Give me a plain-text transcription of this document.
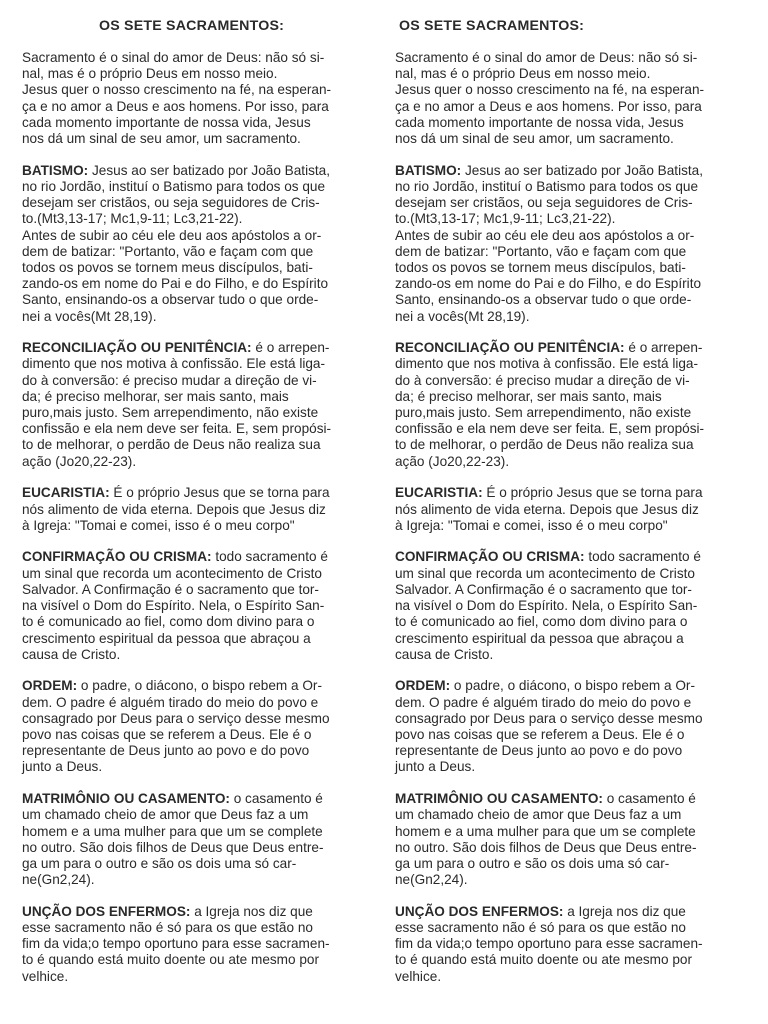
OS SETE SACRAMENTOS:
Sacramento é o sinal do amor de Deus: não só si-
nal, mas é o próprio Deus em nosso meio.
Jesus quer o nosso crescimento na fé, na esperan-
ça e no amor a Deus e aos homens. Por isso, para
cada momento importante de nossa vida, Jesus
nos dá um sinal de seu amor, um sacramento.
BATISMO: Jesus ao ser batizado por João Batista,
no rio Jordão, instituí o Batismo para todos os que
desejam ser cristãos, ou seja seguidores de Cris-
to.(Mt3,13-17; Mc1,9-11; Lc3,21-22).
Antes de subir ao céu ele deu aos apóstolos a or-
dem de batizar: "Portanto, vão e façam com que
todos os povos se tornem meus discípulos, bati-
zando-os em nome do Pai e do Filho, e do Espírito
Santo, ensinando-os a observar tudo o que orde-
nei a vocês(Mt 28,19).
RECONCILIAÇÃO OU PENITÊNCIA: é o arrepen-
dimento que nos motiva à confissão. Ele está liga-
do à conversão: é preciso mudar a direção de vi-
da; é preciso melhorar, ser mais santo, mais
puro,mais justo. Sem arrependimento, não existe
confissão e ela nem deve ser feita. E, sem propósi-
to de melhorar, o perdão de Deus não realiza sua
ação (Jo20,22-23).
EUCARISTIA: É o próprio Jesus que se torna para
nós alimento de vida eterna. Depois que Jesus diz
à Igreja: "Tomai e comei, isso é o meu corpo"
CONFIRMAÇÃO OU CRISMA: todo sacramento é
um sinal que recorda um acontecimento de Cristo
Salvador. A Confirmação é o sacramento que tor-
na visível o Dom do Espírito. Nela, o Espírito San-
to é comunicado ao fiel, como dom divino para o
crescimento espiritual da pessoa que abraçou a
causa de Cristo.
ORDEM: o padre, o diácono, o bispo rebem a Or-
dem. O padre é alguém tirado do meio do povo e
consagrado por Deus para o serviço desse mesmo
povo nas coisas que se referem a Deus. Ele é o
representante de Deus junto ao povo e do povo
junto a Deus.
MATRIMÔNIO OU CASAMENTO: o casamento é
um chamado cheio de amor que Deus faz a um
homem e a uma mulher para que um se complete
no outro. São dois filhos de Deus que Deus entre-
ga um para o outro e são os dois uma só car-
ne(Gn2,24).
UNÇÃO DOS ENFERMOS: a Igreja nos diz que
esse sacramento não é só para os que estão no
fim da vida;o tempo oportuno para esse sacramen-
to é quando está muito doente ou ate mesmo por
velhice.
OS SETE SACRAMENTOS:
Sacramento é o sinal do amor de Deus: não só si-
nal, mas é o próprio Deus em nosso meio.
Jesus quer o nosso crescimento na fé, na esperan-
ça e no amor a Deus e aos homens. Por isso, para
cada momento importante de nossa vida, Jesus
nos dá um sinal de seu amor, um sacramento.
BATISMO: Jesus ao ser batizado por João Batista,
no rio Jordão, instituí o Batismo para todos os que
desejam ser cristãos, ou seja seguidores de Cris-
to.(Mt3,13-17; Mc1,9-11; Lc3,21-22).
Antes de subir ao céu ele deu aos apóstolos a or-
dem de batizar: "Portanto, vão e façam com que
todos os povos se tornem meus discípulos, bati-
zando-os em nome do Pai e do Filho, e do Espírito
Santo, ensinando-os a observar tudo o que orde-
nei a vocês(Mt 28,19).
RECONCILIAÇÃO OU PENITÊNCIA: é o arrepen-
dimento que nos motiva à confissão. Ele está liga-
do à conversão: é preciso mudar a direção de vi-
da; é preciso melhorar, ser mais santo, mais
puro,mais justo. Sem arrependimento, não existe
confissão e ela nem deve ser feita. E, sem propósi-
to de melhorar, o perdão de Deus não realiza sua
ação (Jo20,22-23).
EUCARISTIA: É o próprio Jesus que se torna para
nós alimento de vida eterna. Depois que Jesus diz
à Igreja: "Tomai e comei, isso é o meu corpo"
CONFIRMAÇÃO OU CRISMA: todo sacramento é
um sinal que recorda um acontecimento de Cristo
Salvador. A Confirmação é o sacramento que tor-
na visível o Dom do Espírito. Nela, o Espírito San-
to é comunicado ao fiel, como dom divino para o
crescimento espiritual da pessoa que abraçou a
causa de Cristo.
ORDEM: o padre, o diácono, o bispo rebem a Or-
dem. O padre é alguém tirado do meio do povo e
consagrado por Deus para o serviço desse mesmo
povo nas coisas que se referem a Deus. Ele é o
representante de Deus junto ao povo e do povo
junto a Deus.
MATRIMÔNIO OU CASAMENTO: o casamento é
um chamado cheio de amor que Deus faz a um
homem e a uma mulher para que um se complete
no outro. São dois filhos de Deus que Deus entre-
ga um para o outro e são os dois uma só car-
ne(Gn2,24).
UNÇÃO DOS ENFERMOS: a Igreja nos diz que
esse sacramento não é só para os que estão no
fim da vida;o tempo oportuno para esse sacramen-
to é quando está muito doente ou ate mesmo por
velhice.
